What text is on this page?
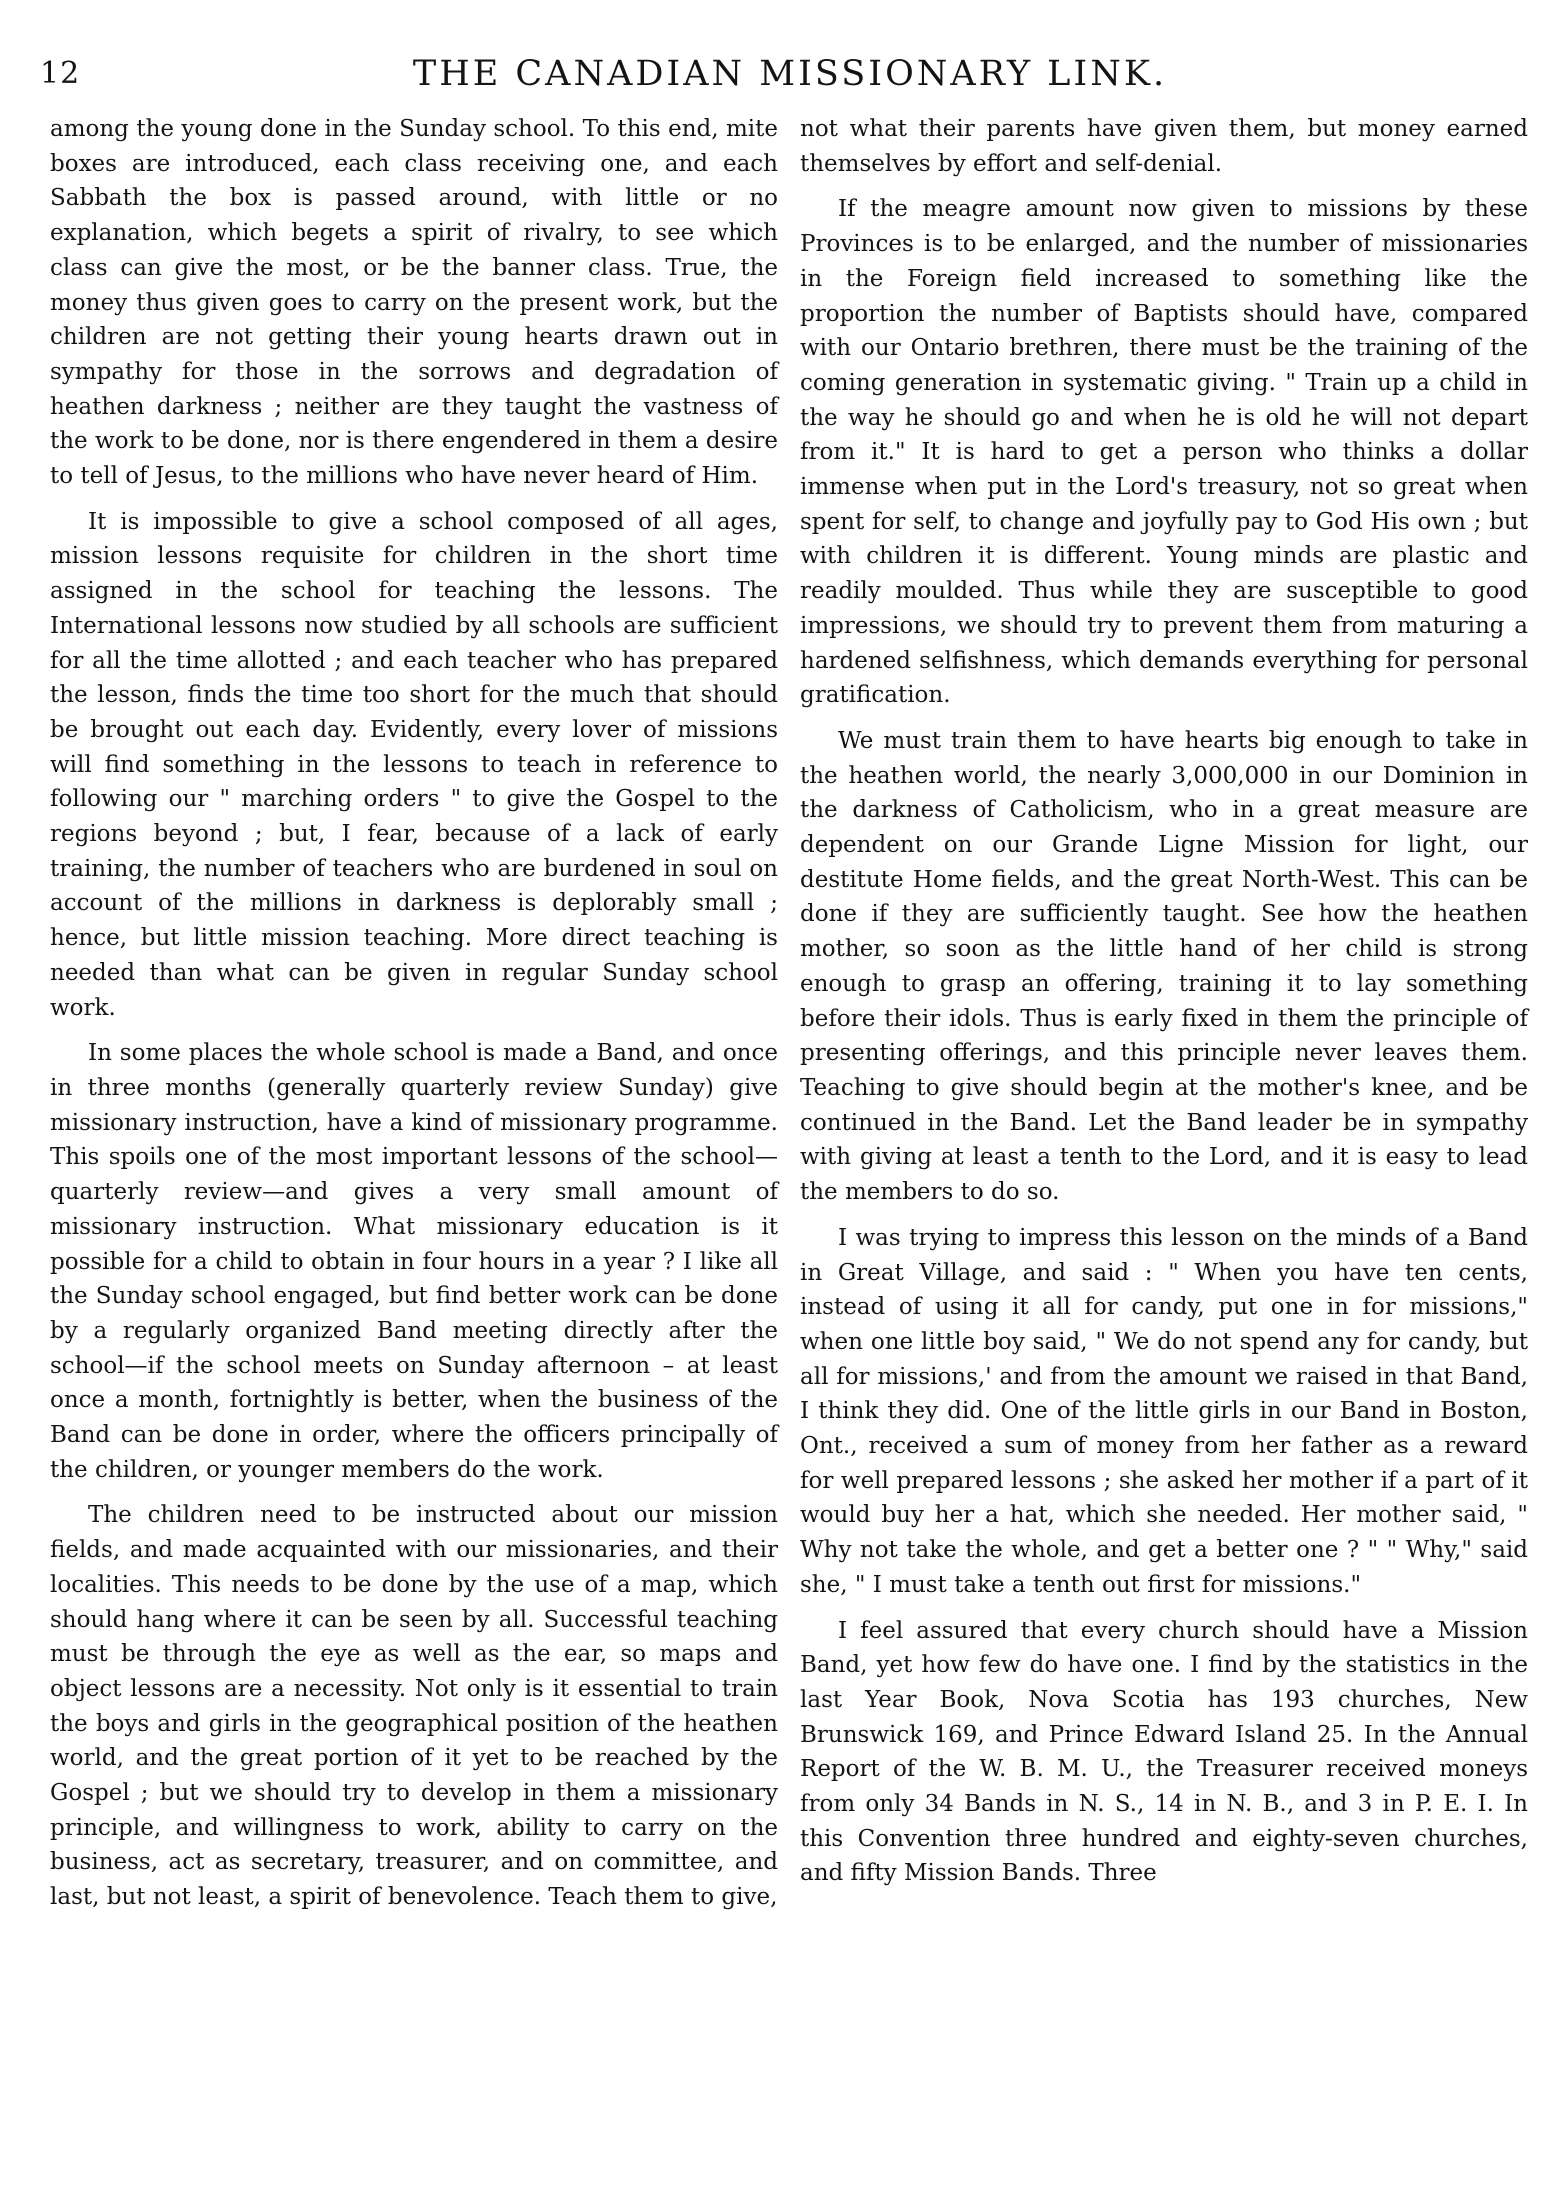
12	THE CANADIAN MISSIONARY LINK.

among the young done in the Sunday school. To this end, mite boxes are introduced, each class receiving one, and each Sabbath the box is passed around, with little or no explanation, which begets a spirit of rivalry, to see which class can give the most, or be the banner class. True, the money thus given goes to carry on the present work, but the children are not getting their young hearts drawn out in sympathy for those in the sorrows and degradation of heathen darkness ; neither are they taught the vastness of the work to be done, nor is there engendered in them a desire to tell of Jesus, to the millions who have never heard of Him.

It is impossible to give a school composed of all ages, mission lessons requisite for children in the short time assigned in the school for teaching the lessons. The International lessons now studied by all schools are sufficient for all the time allotted ; and each teacher who has prepared the lesson, finds the time too short for the much that should be brought out each day. Evidently, every lover of missions will find something in the lessons to teach in reference to following our " marching orders " to give the Gospel to the regions beyond ; but, I fear, because of a lack of early training, the number of teachers who are burdened in soul on account of the millions in darkness is deplorably small ; hence, but little mission teaching. More direct teaching is needed than what can be given in regular Sunday school work.

In some places the whole school is made a Band, and once in three months (generally quarterly review Sunday) give missionary instruction, have a kind of missionary programme. This spoils one of the most important lessons of the school—quarterly review—and gives a very small amount of missionary instruction. What missionary education is it possible for a child to obtain in four hours in a year ? I like all the Sunday school engaged, but find better work can be done by a regularly organized Band meeting directly after the school—if the school meets on Sunday afternoon – at least once a month, fortnightly is better, when the business of the Band can be done in order, where the officers principally of the children, or younger members do the work.

The children need to be instructed about our mission fields, and made acquainted with our missionaries, and their localities. This needs to be done by the use of a map, which should hang where it can be seen by all. Successful teaching must be through the eye as well as the ear, so maps and object lessons are a necessity. Not only is it essential to train the boys and girls in the geographical position of the heathen world, and the great portion of it yet to be reached by the Gospel ; but we should try to develop in them a missionary principle, and willingness to work, ability to carry on the business, act as secretary, treasurer, and on committee, and last, but not least, a spirit of benevolence. Teach them to give,

not what their parents have given them, but money earned themselves by effort and self-denial.

If the meagre amount now given to missions by these Provinces is to be enlarged, and the number of missionaries in the Foreign field increased to something like the proportion the number of Baptists should have, compared with our Ontario brethren, there must be the training of the coming generation in systematic giving. " Train up a child in the way he should go and when he is old he will not depart from it." It is hard to get a person who thinks a dollar immense when put in the Lord's treasury, not so great when spent for self, to change and joyfully pay to God His own ; but with children it is different. Young minds are plastic and readily moulded. Thus while they are susceptible to good impressions, we should try to prevent them from maturing a hardened selfishness, which demands everything for personal gratification.

We must train them to have hearts big enough to take in the heathen world, the nearly 3,000,000 in our Dominion in the darkness of Catholicism, who in a great measure are dependent on our Grande Ligne Mission for light, our destitute Home fields, and the great North-West. This can be done if they are sufficiently taught. See how the heathen mother, so soon as the little hand of her child is strong enough to grasp an offering, training it to lay something before their idols. Thus is early fixed in them the principle of presenting offerings, and this principle never leaves them. Teaching to give should begin at the mother's knee, and be continued in the Band. Let the Band leader be in sympathy with giving at least a tenth to the Lord, and it is easy to lead the members to do so.

I was trying to impress this lesson on the minds of a Band in Great Village, and said : " When you have ten cents, instead of using it all for candy, put one in for missions," when one little boy said, " We do not spend any for candy, but all for missions,' and from the amount we raised in that Band, I think they did. One of the little girls in our Band in Boston, Ont., received a sum of money from her father as a reward for well prepared lessons ; she asked her mother if a part of it would buy her a hat, which she needed. Her mother said, " Why not take the whole, and get a better one ? " " Why," said she, " I must take a tenth out first for missions."

I feel assured that every church should have a Mission Band, yet how few do have one. I find by the statistics in the last Year Book, Nova Scotia has 193 churches, New Brunswick 169, and Prince Edward Island 25. In the Annual Report of the W. B. M. U., the Treasurer received moneys from only 34 Bands in N. S., 14 in N. B., and 3 in P. E. I. In this Convention three hundred and eighty-seven churches, and fifty Mission Bands. Three
